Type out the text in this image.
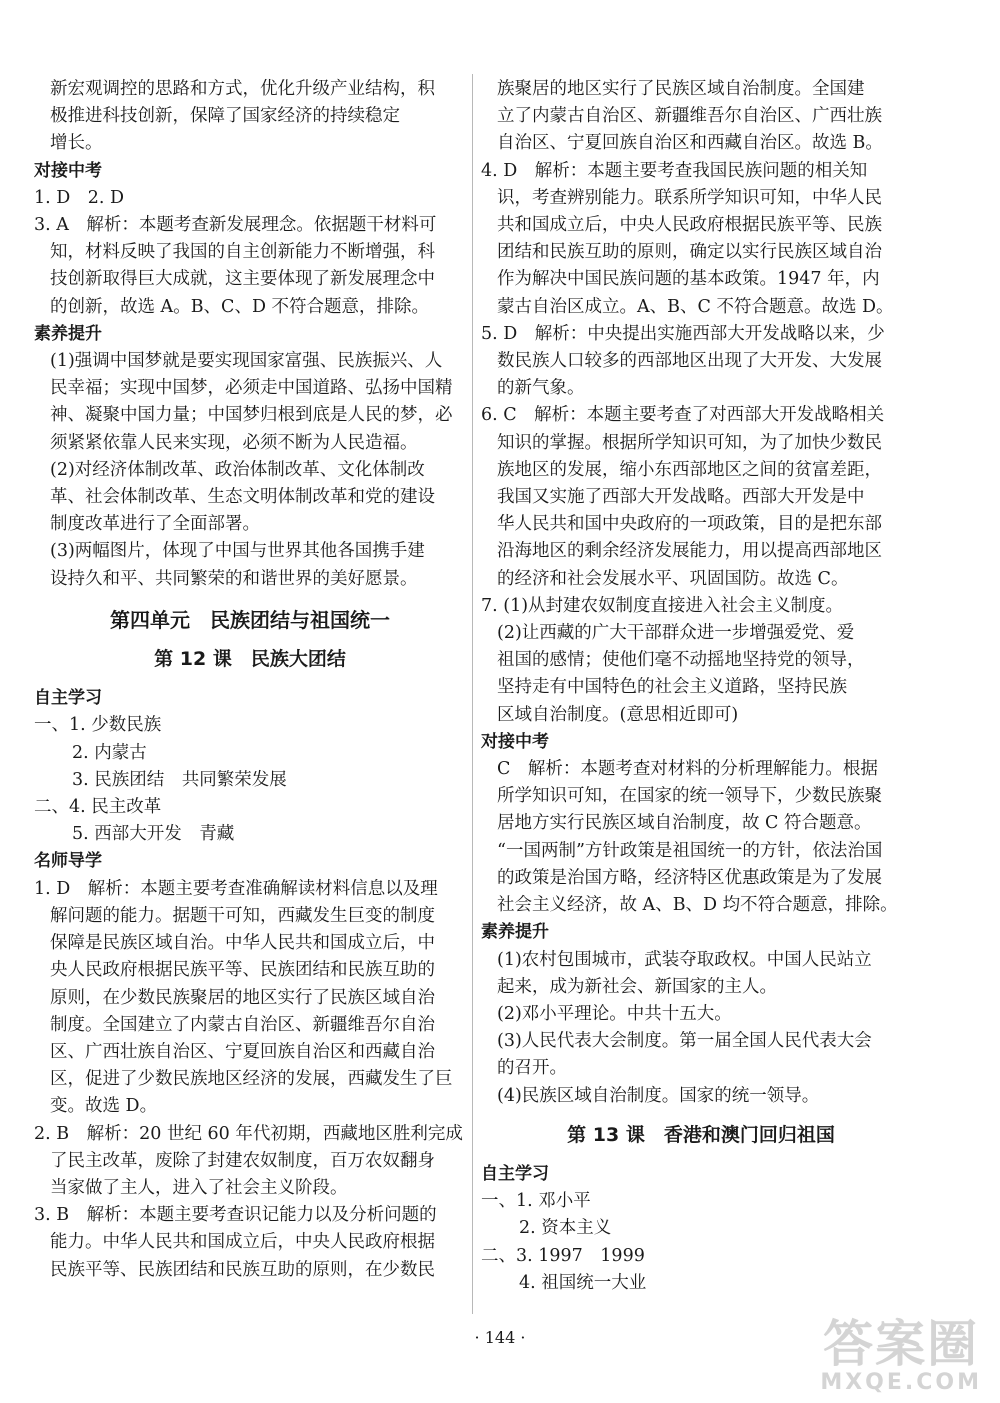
新宏观调控的思路和方式，优化升级产业结构，积
极推进科技创新，保障了国家经济的持续稳定
增长。
对接中考
1. D　2. D
3. A　解析：本题考查新发展理念。依据题干材料可
知，材料反映了我国的自主创新能力不断增强，科
技创新取得巨大成就，这主要体现了新发展理念中
的创新，故选 A。B、C、D 不符合题意，排除。
素养提升
(1)强调中国梦就是要实现国家富强、民族振兴、人
民幸福；实现中国梦，必须走中国道路、弘扬中国精
神、凝聚中国力量；中国梦归根到底是人民的梦，必
须紧紧依靠人民来实现，必须不断为人民造福。
(2)对经济体制改革、政治体制改革、文化体制改
革、社会体制改革、生态文明体制改革和党的建设
制度改革进行了全面部署。
(3)两幅图片，体现了中国与世界其他各国携手建
设持久和平、共同繁荣的和谐世界的美好愿景。
第四单元　民族团结与祖国统一
第 12 课　民族大团结
自主学习
一、1. 少数民族
2. 内蒙古
3. 民族团结　共同繁荣发展
二、4. 民主改革
5. 西部大开发　青藏
名师导学
1. D　解析：本题主要考查准确解读材料信息以及理
解问题的能力。据题干可知，西藏发生巨变的制度
保障是民族区域自治。中华人民共和国成立后，中
央人民政府根据民族平等、民族团结和民族互助的
原则，在少数民族聚居的地区实行了民族区域自治
制度。全国建立了内蒙古自治区、新疆维吾尔自治
区、广西壮族自治区、宁夏回族自治区和西藏自治
区，促进了少数民族地区经济的发展，西藏发生了巨
变。故选 D。
2. B　解析：20 世纪 60 年代初期，西藏地区胜利完成
了民主改革，废除了封建农奴制度，百万农奴翻身
当家做了主人，进入了社会主义阶段。
3. B　解析：本题主要考查识记能力以及分析问题的
能力。中华人民共和国成立后，中央人民政府根据
民族平等、民族团结和民族互助的原则，在少数民
族聚居的地区实行了民族区域自治制度。全国建
立了内蒙古自治区、新疆维吾尔自治区、广西壮族
自治区、宁夏回族自治区和西藏自治区。故选 B。
4. D　解析：本题主要考查我国民族问题的相关知
识，考查辨别能力。联系所学知识可知，中华人民
共和国成立后，中央人民政府根据民族平等、民族
团结和民族互助的原则，确定以实行民族区域自治
作为解决中国民族问题的基本政策。1947 年，内
蒙古自治区成立。A、B、C 不符合题意。故选 D。
5. D　解析：中央提出实施西部大开发战略以来，少
数民族人口较多的西部地区出现了大开发、大发展
的新气象。
6. C　解析：本题主要考查了对西部大开发战略相关
知识的掌握。根据所学知识可知，为了加快少数民
族地区的发展，缩小东西部地区之间的贫富差距，
我国又实施了西部大开发战略。西部大开发是中
华人民共和国中央政府的一项政策，目的是把东部
沿海地区的剩余经济发展能力，用以提高西部地区
的经济和社会发展水平、巩固国防。故选 C。
7. (1)从封建农奴制度直接进入社会主义制度。
(2)让西藏的广大干部群众进一步增强爱党、爱
祖国的感情；使他们毫不动摇地坚持党的领导，
坚持走有中国特色的社会主义道路，坚持民族
区域自治制度。(意思相近即可)
对接中考
C　解析：本题考查对材料的分析理解能力。根据
所学知识可知，在国家的统一领导下，少数民族聚
居地方实行民族区域自治制度，故 C 符合题意。
“一国两制”方针政策是祖国统一的方针，依法治国
的政策是治国方略，经济特区优惠政策是为了发展
社会主义经济，故 A、B、D 均不符合题意，排除。
素养提升
(1)农村包围城市，武装夺取政权。中国人民站立
起来，成为新社会、新国家的主人。
(2)邓小平理论。中共十五大。
(3)人民代表大会制度。第一届全国人民代表大会
的召开。
(4)民族区域自治制度。国家的统一领导。
第 13 课　香港和澳门回归祖国
自主学习
一、1. 邓小平
2. 资本主义
二、3. 1997　1999
4. 祖国统一大业
· 144 ·	答案圈
MXQE.COM
